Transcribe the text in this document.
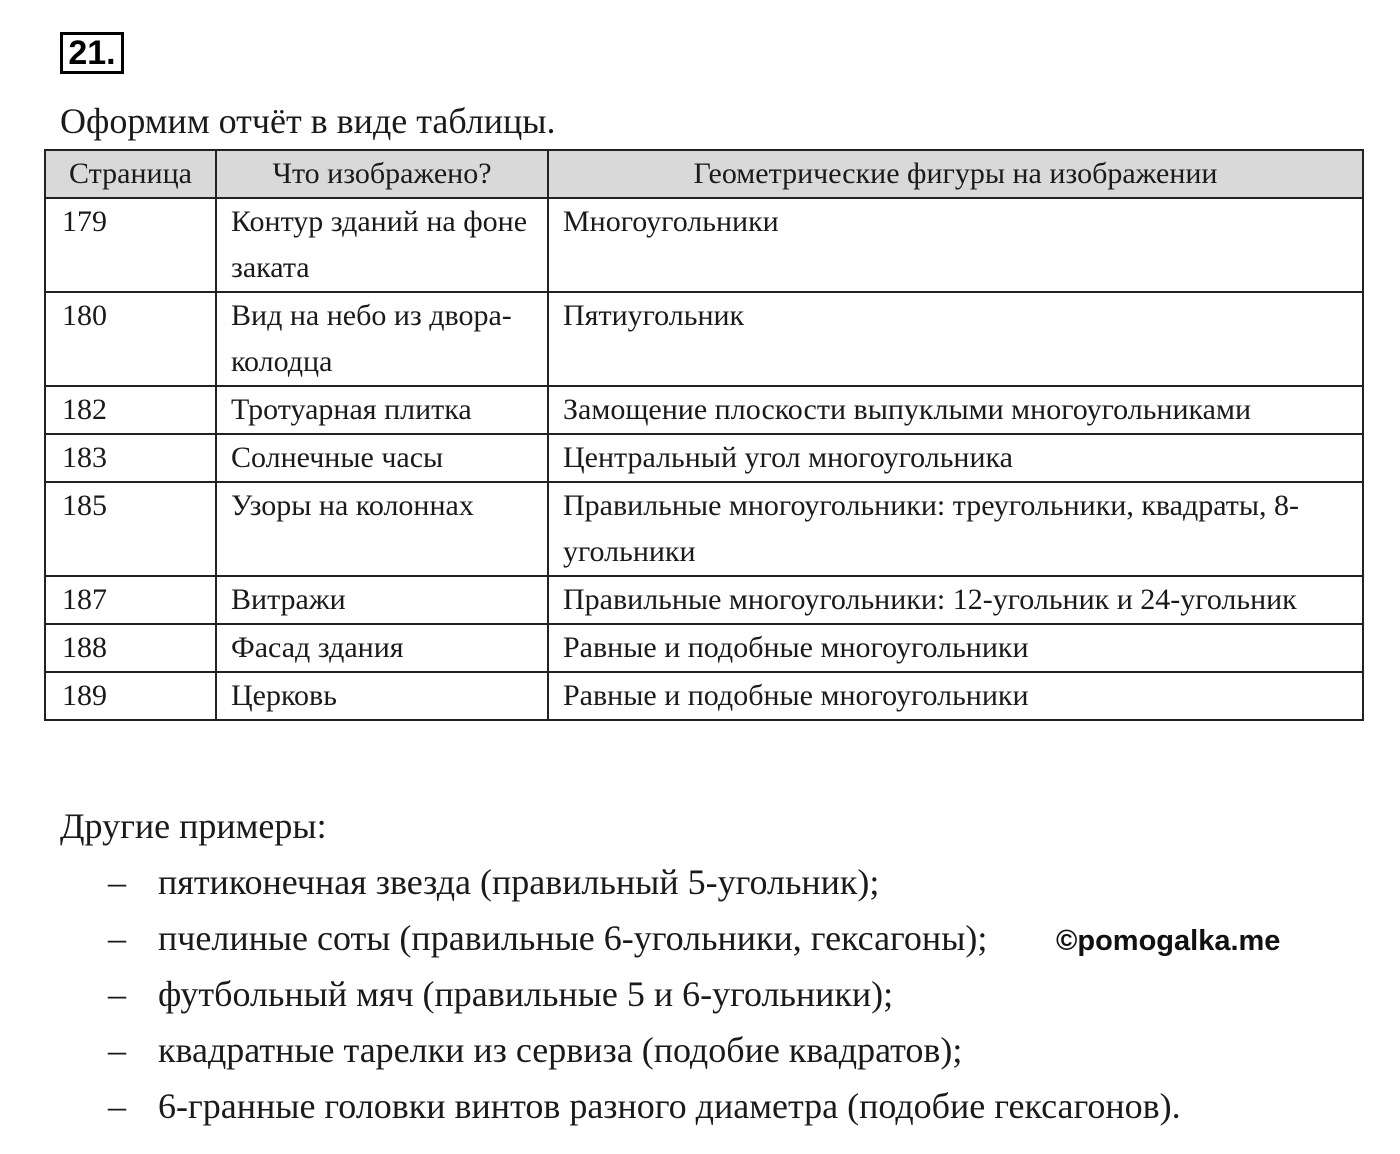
21.
Оформим отчёт в виде таблицы.
Страница	Что изображено?	Геометрические фигуры на изображении
179	Контур зданий на фоне заката	Многоугольники
180	Вид на небо из двора-колодца	Пятиугольник
182	Тротуарная плитка	Замощение плоскости выпуклыми многоугольниками
183	Солнечные часы	Центральный угол многоугольника
185	Узоры на колоннах	Правильные многоугольники: треугольники, квадраты, 8-угольники
187	Витражи	Правильные многоугольники: 12-угольник и 24-угольник
188	Фасад здания	Равные и подобные многоугольники
189	Церковь	Равные и подобные многоугольники
Другие примеры:
– пятиконечная звезда (правильный 5-угольник);
– пчелиные соты (правильные 6-угольники, гексагоны);
– футбольный мяч (правильные 5 и 6-угольники);
– квадратные тарелки из сервиза (подобие квадратов);
– 6-гранные головки винтов разного диаметра (подобие гексагонов).
©pomogalka.me
